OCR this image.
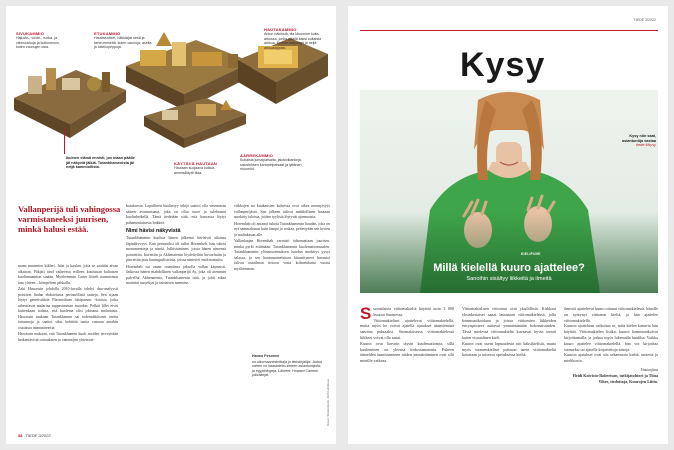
SIVUKAMMIO
Hajuste-, voide-, ruoka- ja viiniruukkuja ja kulkuneuvo, kuten vaunujen osia.
ETUKAMMIO
Hautavuoteet, näkkisijat sekä ja tarve-esineitä, kuten vaunuja, aseita ja lokeilopeppuja.
HAUTAKAMMIO
Arkun näköisiä, tila Muumion kulta-arkussa, jonka päällä kaksi kultaista arkkua. Kronen sarjofagit ja neljä arkkukappaa.
Ikuinen elämä ennisti, jos maan päälle jäi näkyviä jälkiä. Tutankhamenista jäi neljä kammiollista.
KÄYTÄVÄ HAUTAAN
Hautaan suojaava kulkua ammisilläytti tilaa.
AARREKAMMIO
Kultaisia jumalpatsaita, jalokivikankeja, sisustuksen kanopeipatsaat ja lyttänen muumiot.
Vallanperijä tuli vahingossa varmistaneeksi juurisen, minkä halusi estää.

maan muumion kiklert, Jalat ja kaulan, jotta se saattiin aivan alkaisan. Päkjäti tänd vaiheessa erilleen kuuluisan kultaisen kuolinnaamion sinään. Myöhemmin Carter liitteli naamionsat taas yhteen – kömpeleen pihkalla.

Zahi Hawassin johdolla 2010-luvulla tehdyt dna-analyysit poistivat liudan ehdotetusta perinnöllisiä tauteja. Sen sijaan löytyi genetistiikää Plasmodium falciparum -loisista, jotka aiheuttavat malariaa tappavimman muodon. Pelkät lillet eivät kuitenkaan todista, että kuolema olisi johtunut malariasta. Hawassin mukaan Tutankhamen sai todennäköisesti aseita tartunnoja ja saattoi siksi kehittää tautia vastaan ainakin osittaista immuniteettia.

Hawassin mukaan, että Tutankhamen kuoli aseiden terveyttään heikentävistä sairauksien ja vammojen yhteisvai-

kutuksesta. Lopullinen kuolinsyy tekijä saattoi olla vasemman säären avomurtuma, joka on ollut tuore ja tulehtunut kuolinhetkellä. Tämä tiedetään siitä, että haavassa löytyi pahamentaisesta linkkeä.

Nimi hävisi näkyvistä

Tutankhamenin kuoltua hänen jälkensä hävisivät aikansa läpinäkyvyys. Kun perinnöksi oli tullut Horemheb, hän tuhosi monumentteja ja nimiä. Julkistaminen, joista hänen nimensä poistettiin, kuvattiin ja Akhenatenin löydettyihin kuvaelmiin ja piirrettiin pois kuningaslistoista, joissa nimeä ei enää mainittu.

Horemheb sai oman ruumiinsa jaksolla vallan käynnisti. Jatkossa hänen mahdollinen vallanperijä Ay, joka oli aiemmin palvellut Akhenatenia, Tutankhamenin isää, ja johti aikaa mainitut suojelijat ja osittaisen mennäse.

viikkojen tai kuukausien kuluessa ovat oikea mennyisyys vallanperijästä. Sen jälkeen tulivat mahdollinen hautaan merkitty taloista, joiden tyylistä löytyvät ajanmoista.

Horemhab oli antanut tuhota Tutankhamenin haudan, joka on nyt sammaltunut kuin lämpö ja roskaa, peitettyään sen kivien ja multakasan alle.

Vallanlaajan Horemhab varmisti tahtomattaan juurisen, minkä pyrki estämään: Tutankhamenin kuolemattomuuden. Tutankhamenin ylösnousemuksen haudan merkitys pysyi salassa, ja sen hautausaineistoon kiinnittyneet huomiot tulivat maailman tietoon vasta kolmetuhatta vuotta myöhemmin.

Hannu Pesonen
on ulkomaantoimittaja ja tietokirjailija. Juttua varten on haastateltu tieteen asiantuntijoita ja egyptologeja. Lähteet: Howard Carterin päiväkirjat.
Kuvat: Shutterstock, AFP/Lehtikuva
58 TIEDE 3/2022
TIEDE 3/2022
Kysy
KIELIPUHE
Millä kielellä kuuro ajattelee?
Sanoihin sisältyy liikkeitä ja ilmeitä
Kysy niin saat, asiantuntija vastaa
tiede.fi/kysy
S uomalaista viittomakieltä käyttää noin 3 000 kuuroa Suomessa.

Viittomakieliset ajattelevat viittomakielellä, mutta myös he voivat ajatella ajatukset äänettöminä sanoina puhtaaksi. Suomalaisessa viittomakielessä liikkeet voivat olla sanat.

Kuurot ovat harvoin täysin kuulemattomia, sillä kuuleminen on yleensä tiedostamatonta. Puheen äänteiden tunnistaminen niiden ymmärtäminen ovat silti monille vaikeaa.

Viittomakielisen viittomat ovat yksilöllisiä. Kirkkaat yksinkertaiset sanat lausutaan viittomakielessä, jolla kommunikoidaan ja joissa viittomien liikkeiden erityispiirteet auttavat ymmärtämään kokonaisuuden. Tässä mielessä viittomakieltä kuvaavat hyvin termit kuten visuaalinen kieli.

Kuurot ovat usein lapsuudesta asti kaksikielisiä, mutta myös suomenkieliset puhuvat usein viittomakieltä kotonaan ja toisessa opetuksessa kieltä.

ihmisiä ajattelevat kuuro ottanut viittomakielestä, hänelle on syntynyt viittomat kieltä, ja hän ajattelee viittomakielellä.

Kuuron ajatteluun vaikuttaa se, mitä kielen kanavia hän käyttää. Viittomakielen lisäksi kuurot kommunikoivat kirjoittamalla, ja joskus myös lukemalla huulilta. Vaikka kuuro ajattelee viittomakielellä, hän voi kirjoittaa suomeksi tai ajatella kirjoitettuja sanoja.

Kuuron ajatukset ovat siis sekamuoto kieliä, tunteita ja mielikuvia.

Vastaajina
Heidi Koivisto-Robertson, tutkijatohtori ja Tiina Vihre, tiedottaja, Kuurojen Liitto.
